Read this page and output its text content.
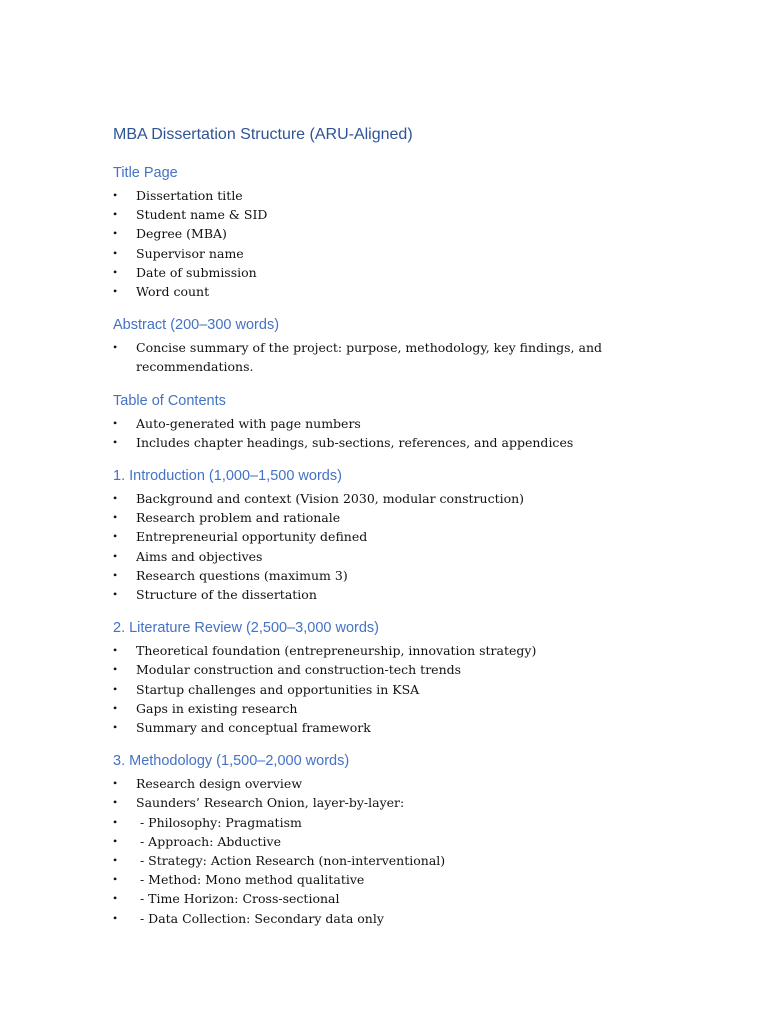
MBA Dissertation Structure (ARU-Aligned)
Title Page
• Dissertation title
• Student name & SID
• Degree (MBA)
• Supervisor name
• Date of submission
• Word count
Abstract (200–300 words)
• Concise summary of the project: purpose, methodology, key findings, and recommendations.
Table of Contents
• Auto-generated with page numbers
• Includes chapter headings, sub-sections, references, and appendices
1. Introduction (1,000–1,500 words)
• Background and context (Vision 2030, modular construction)
• Research problem and rationale
• Entrepreneurial opportunity defined
• Aims and objectives
• Research questions (maximum 3)
• Structure of the dissertation
2. Literature Review (2,500–3,000 words)
• Theoretical foundation (entrepreneurship, innovation strategy)
• Modular construction and construction-tech trends
• Startup challenges and opportunities in KSA
• Gaps in existing research
• Summary and conceptual framework
3. Methodology (1,500–2,000 words)
• Research design overview
• Saunders’ Research Onion, layer-by-layer:
• - Philosophy: Pragmatism
• - Approach: Abductive
• - Strategy: Action Research (non-interventional)
• - Method: Mono method qualitative
• - Time Horizon: Cross-sectional
• - Data Collection: Secondary data only
